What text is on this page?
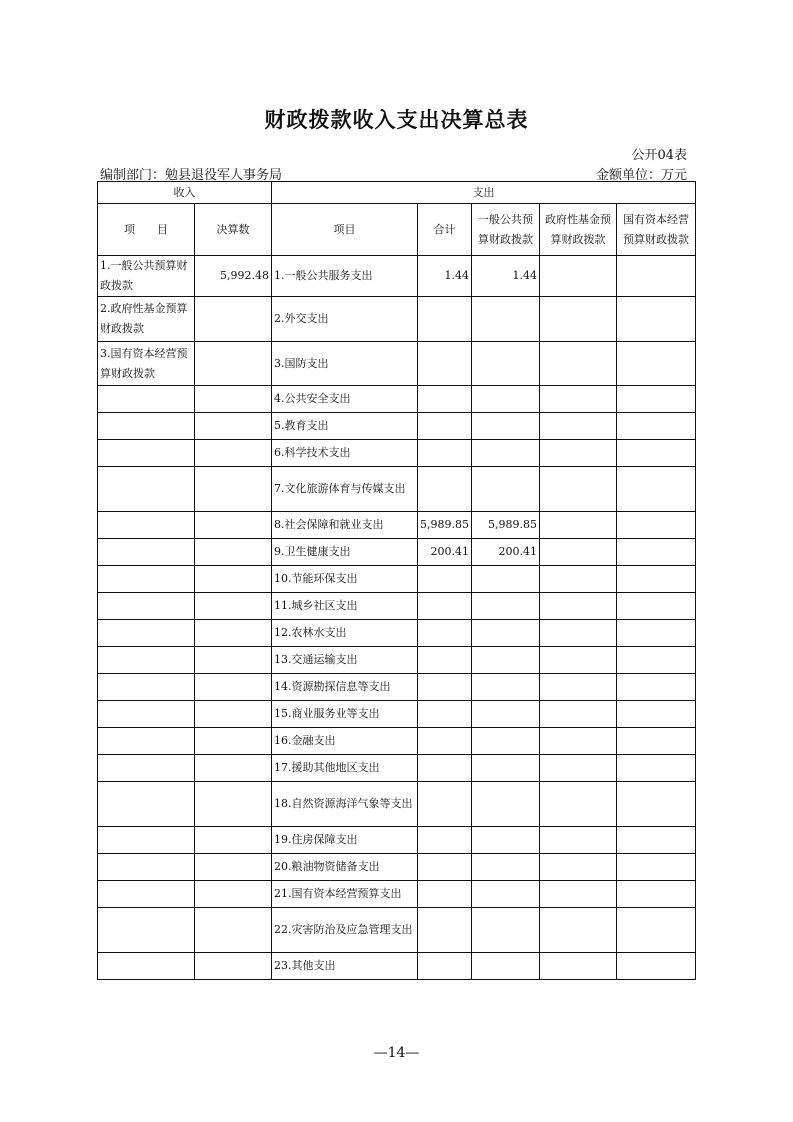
财政拨款收入支出决算总表
公开04表
编制部门：勉县退役军人事务局	金额单位：万元
收入		支出				
项　　目	决算数	项目	合计	一般公共预算财政拨款	政府性基金预算财政拨款	国有资本经营预算财政拨款
1.一般公共预算财政拨款	5,992.48	1.一般公共服务支出	1.44	1.44		
2.政府性基金预算财政拨款		2.外交支出				
3.国有资本经营预算财政拨款		3.国防支出				
		4.公共安全支出				
		5.教育支出				
		6.科学技术支出				
		7.文化旅游体育与传媒支出				
		8.社会保障和就业支出	5,989.85	5,989.85		
		9.卫生健康支出	200.41	200.41		
		10.节能环保支出				
		11.城乡社区支出				
		12.农林水支出				
		13.交通运输支出				
		14.资源勘探信息等支出				
		15.商业服务业等支出				
		16.金融支出				
		17.援助其他地区支出				
		18.自然资源海洋气象等支出				
		19.住房保障支出				
		20.粮油物资储备支出				
		21.国有资本经营预算支出				
		22.灾害防治及应急管理支出				
		23.其他支出				
—14—
